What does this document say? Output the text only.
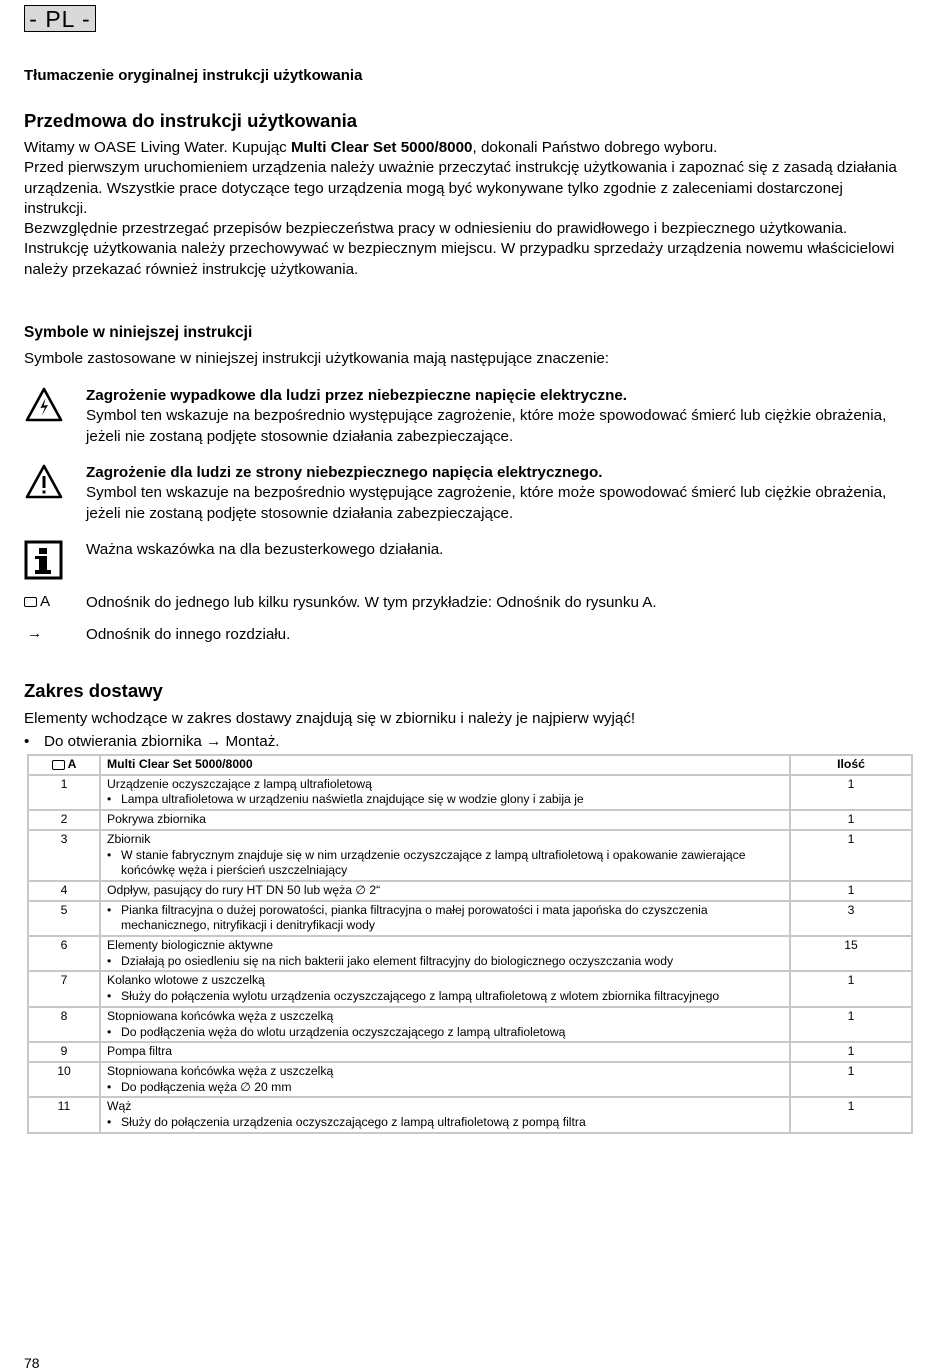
- PL -
Tłumaczenie oryginalnej instrukcji użytkowania
Przedmowa do instrukcji użytkowania

Witamy w OASE Living Water. Kupując Multi Clear Set 5000/8000, dokonali Państwo dobrego wyboru.

Przed pierwszym uruchomieniem urządzenia należy uważnie przeczytać instrukcję użytkowania i zapoznać się z zasadą działania urządzenia. Wszystkie prace dotyczące tego urządzenia mogą być wykonywane tylko zgodnie z zaleceniami dostarczonej instrukcji.

Bezwzględnie przestrzegać przepisów bezpieczeństwa pracy w odniesieniu do prawidłowego i bezpiecznego użytkowania.

Instrukcję użytkowania należy przechowywać w bezpiecznym miejscu. W przypadku sprzedaży urządzenia nowemu właścicielowi należy przekazać również instrukcję użytkowania.

Symbole w niniejszej instrukcji
Symbole zastosowane w niniejszej instrukcji użytkowania mają następujące znaczenie:
Zagrożenie wypadkowe dla ludzi przez niebezpieczne napięcie elektryczne.
Symbol ten wskazuje na bezpośrednio występujące zagrożenie, które może spowodować śmierć lub ciężkie obrażenia, jeżeli nie zostaną podjęte stosownie działania zabezpieczające.
Zagrożenie dla ludzi ze strony niebezpiecznego napięcia elektrycznego.
Symbol ten wskazuje na bezpośrednio występujące zagrożenie, które może spowodować śmierć lub ciężkie obrażenia, jeżeli nie zostaną podjęte stosownie działania zabezpieczające.
Ważna wskazówka na dla bezusterkowego działania.
A Odnośnik do jednego lub kilku rysunków. W tym przykładzie: Odnośnik do rysunku A.
→	Odnośnik do innego rozdziału.
Zakres dostawy
Elementy wchodzące w zakres dostawy znajdują się w zbiorniku i należy je najpierw wyjąć!
• Do otwierania zbiornika → Montaż.
A	Multi Clear Set 5000/8000	Ilość
1	Urządzenie oczyszczające z lampą ultrafioletową
• Lampa ultrafioletowa w urządzeniu naświetla znajdujące się w wodzie glony i zabija je	1
2	Pokrywa zbiornika	1
3	Zbiornik
• W stanie fabrycznym znajduje się w nim urządzenie oczyszczające z lampą ultrafioletową i opakowanie zawierające końcówkę węża i pierścień uszczelniający	1
4	Odpływ, pasujący do rury HT DN 50 lub węża ∅ 2“	1
5	• Pianka filtracyjna o dużej porowatości, pianka filtracyjna o małej porowatości i mata japońska do czyszczenia mechanicznego, nitryfikacji i denitryfikacji wody	3
6	Elementy biologicznie aktywne
• Działają po osiedleniu się na nich bakterii jako element filtracyjny do biologicznego oczyszczania wody	15
7	Kolanko wlotowe z uszczelką
• Służy do połączenia wylotu urządzenia oczyszczającego z lampą ultrafioletową z wlotem zbiornika filtracyjnego	1
8	Stopniowana końcówka węża z uszczelką
• Do podłączenia węża do wlotu urządzenia oczyszczającego z lampą ultrafioletową	1
9	Pompa filtra	1
10	Stopniowana końcówka węża z uszczelką
• Do podłączenia węża ∅ 20 mm	1
11	Wąż
• Służy do połączenia urządzenia oczyszczającego z lampą ultrafioletową z pompą filtra	1
78
